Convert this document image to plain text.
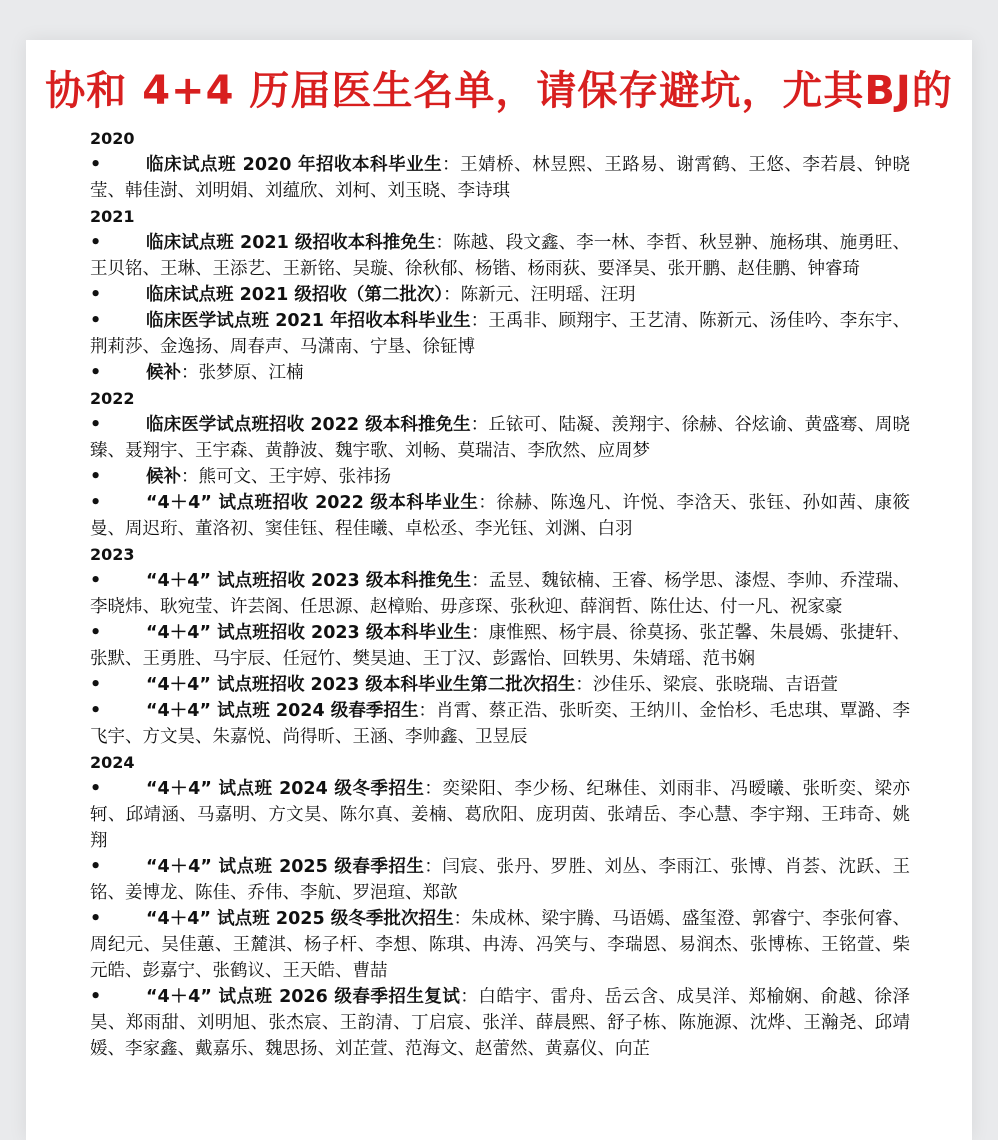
协和 4+4 历届医生名单，请保存避坑，尤其BJ的
2020
•	临床试点班 2020 年招收本科毕业生：王婧桥、林昱熙、王路易、谢霄鹤、王悠、李若晨、钟晓莹、韩佳澍、刘明娟、刘蕴欣、刘柯、刘玉晓、李诗琪
2021
•	临床试点班 2021 级招收本科推免生：陈越、段文鑫、李一林、李哲、秋昱翀、施杨琪、施勇旺、王贝铭、王琳、王添艺、王新铭、吴璇、徐秋郁、杨锴、杨雨荻、要泽昊、张开鹏、赵佳鹏、钟睿琦
•	临床试点班 2021 级招收（第二批次）：陈新元、汪明瑶、汪玥
•	临床医学试点班 2021 年招收本科毕业生：王禹非、顾翔宇、王艺清、陈新元、汤佳吟、李东宇、荆莉莎、金逸扬、周春声、马潇南、宁垦、徐钲博
•	候补：张梦原、江楠
2022
•	临床医学试点班招收 2022 级本科推免生：丘铱可、陆凝、羡翔宇、徐赫、谷炫谕、黄盛骞、周晓臻、聂翔宇、王宇森、黄静波、魏宇歌、刘畅、莫瑞洁、李欣然、应周梦
•	候补：熊可文、王宇婷、张祎扬
•	“4＋4” 试点班招收 2022 级本科毕业生：徐赫、陈逸凡、许悦、李浛天、张钰、孙如茜、康筱曼、周迟珩、董洛初、窦佳钰、程佳曦、卓松丞、李光钰、刘渊、白羽
2023
•	“4＋4” 试点班招收 2023 级本科推免生：孟昱、魏铱楠、王睿、杨学思、漆煜、李帅、乔滢瑞、李晓炜、耿宛莹、许芸阁、任思源、赵樟贻、毋彦琛、张秋迎、薛润哲、陈仕达、付一凡、祝家豪
•	“4＋4” 试点班招收 2023 级本科毕业生：康惟熙、杨宇晨、徐莫扬、张芷馨、朱晨嫣、张捷轩、张默、王勇胜、马宇辰、任冠竹、樊昊迪、王丁汉、彭露怡、回轶男、朱婧瑶、范书娴
•	“4＋4” 试点班招收 2023 级本科毕业生第二批次招生：沙佳乐、梁宸、张晓瑞、吉语萱
•	“4＋4” 试点班 2024 级春季招生：肖霄、蔡正浩、张昕奕、王纳川、金怡杉、毛忠琪、覃潞、李飞宇、方文昊、朱嘉悦、尚得昕、王涵、李帅鑫、卫昱辰
2024
•	“4＋4” 试点班 2024 级冬季招生：奕梁阳、李少杨、纪琳佳、刘雨非、冯暧曦、张昕奕、梁亦轲、邱靖涵、马嘉明、方文昊、陈尔真、姜楠、葛欣阳、庞玥茵、张靖岳、李心慧、李宇翔、王玮奇、姚翔
•	“4＋4” 试点班 2025 级春季招生：闫宸、张丹、罗胜、刘丛、李雨江、张博、肖荟、沈跃、王铭、姜博龙、陈佳、乔伟、李航、罗浥瑄、郑歆
•	“4＋4” 试点班 2025 级冬季批次招生：朱成林、梁宇腾、马语嫣、盛玺澄、郭睿宁、李张何睿、周纪元、吴佳蕙、王麓淇、杨子杆、李想、陈琪、冉涛、冯笑与、李瑞恩、易润杰、张博栋、王铭萱、柴元皓、彭嘉宁、张鹤议、王天皓、曹喆
•	“4＋4” 试点班 2026 级春季招生复试：白皓宇、雷舟、岳云含、成昊洋、郑榆娴、俞越、徐泽昊、郑雨甜、刘明旭、张杰宸、王韵清、丁启宸、张洋、薛晨熙、舒子栋、陈施源、沈烨、王瀚尧、邱靖媛、李家鑫、戴嘉乐、魏思扬、刘芷萱、范海文、赵蕾然、黄嘉仪、向芷
